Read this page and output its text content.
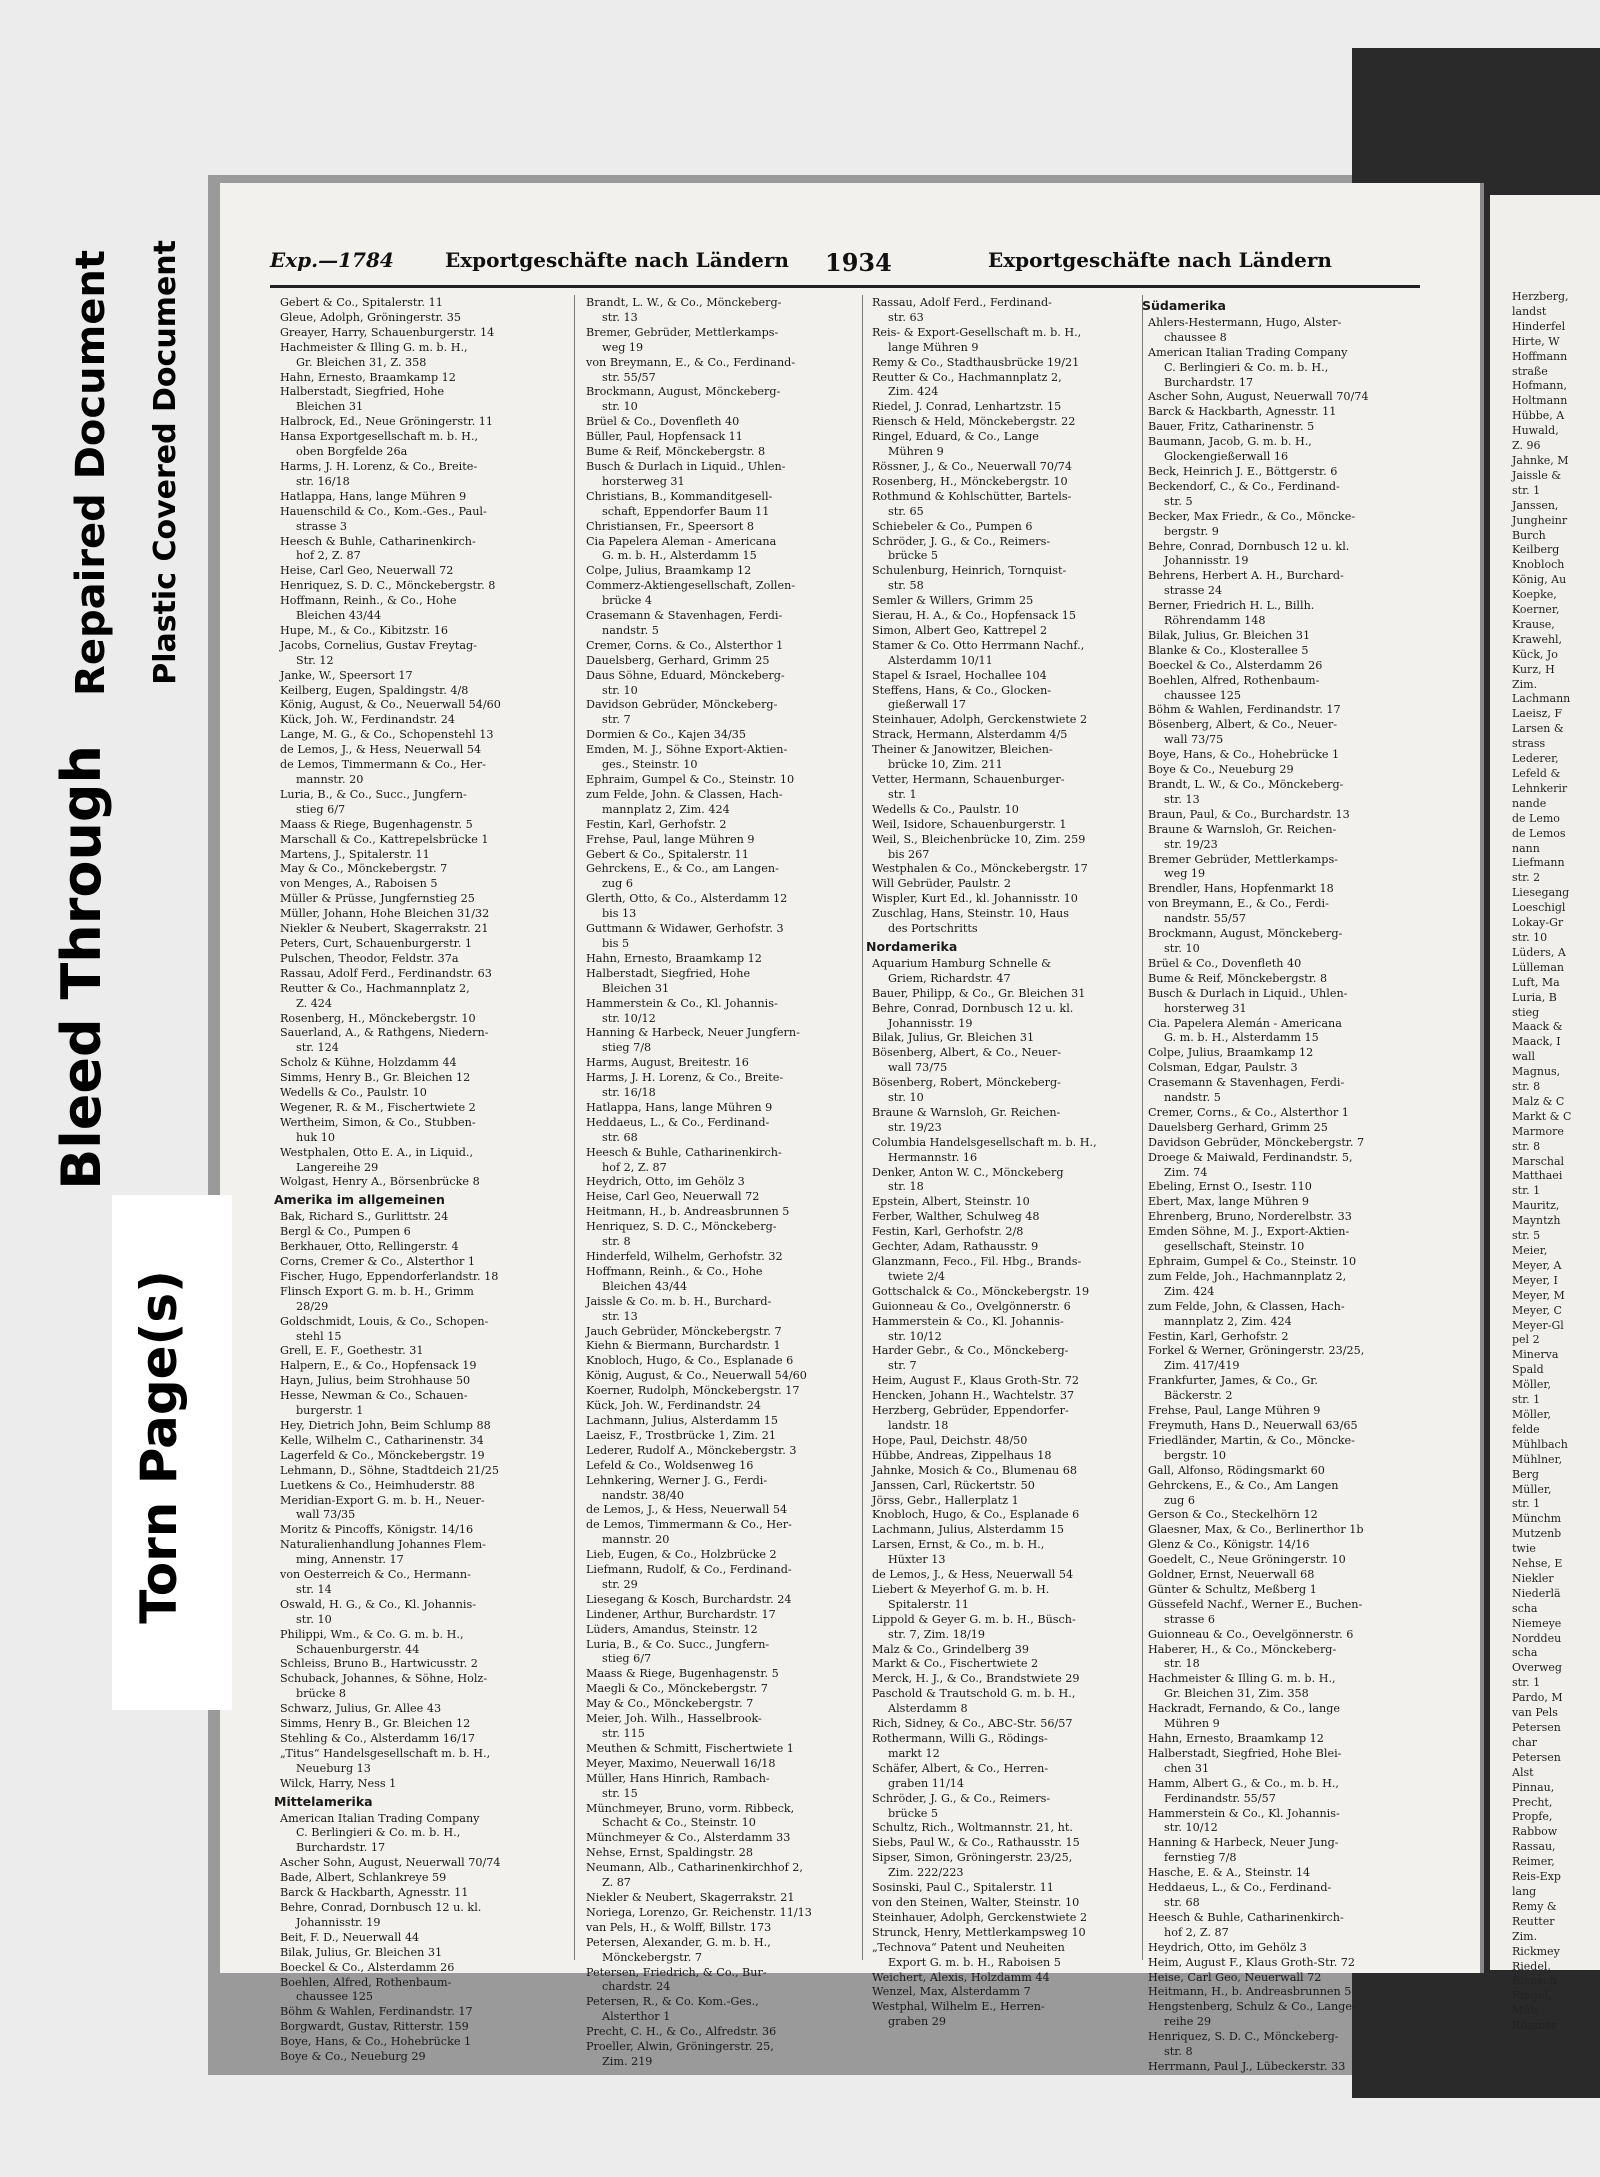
Herzberg,
landst
Hinderfel
Hirte, W
Hoffmann
straße
Hofmann,
Holtmann
Hübbe, A
Huwald,
Z. 96
Jahnke, M
Jaissle &
str. 1
Janssen,
Jungheinr
Burch
Keilberg
Knobloch
König, Au
Koepke,
Koerner,
Krause,
Krawehl,
Kück, Jo
Kurz, H
Zim.
Lachmann
Laeisz, F
Larsen &
strass
Lederer,
Lefeld &
Lehnkerir
nande
de Lemo
de Lemos
nann
Liefmann
str. 2
Liesegang
Loeschigl
Lokay-Gr
str. 10
Lüders, A
Lülleman
Luft, Ma
Luria, B
stieg
Maack &
Maack, I
wall
Magnus,
str. 8
Malz & C
Markt & C
Marmore
str. 8
Marschal
Matthaei
str. 1
Mauritz,
Mayntzh
str. 5
Meier,
Meyer, A
Meyer, I
Meyer, M
Meyer, C
Meyer-Gl
pel 2
Minerva
Spald
Möller,
str. 1
Möller,
felde
Mühlbach
Mühlner,
Berg
Müller,
str. 1
Münchm
Mutzenb
twie
Nehse, E
Niekler
Niederlä
scha
Niemeye
Norddeu
scha
Overweg
str. 1
Pardo, M
van Pels
Petersen
char
Petersen
Alst
Pinnau,
Precht,
Propfe,
Rabbow
Rassau,
Reimer,
Reis-Exp
lang
Remy &
Reutter
Zim.
Rickmey
Riedel,
Riensch
Ringel,
Müh
Rössner
Repaired Document Plastic Covered Document
Bleed Through
Torn Page(s)
Exp.—1784	Exportgeschäfte nach Ländern 1934	Exportgeschäfte nach Ländern
Gebert & Co., Spitalerstr. 11
Gleue, Adolph, Gröningerstr. 35
Greayer, Harry, Schauenburgerstr. 14
Hachmeister & Illing G. m. b. H.,
Gr. Bleichen 31, Z. 358
Hahn, Ernesto, Braamkamp 12
Halberstadt, Siegfried, Hohe
Bleichen 31
Halbrock, Ed., Neue Gröningerstr. 11
Hansa Exportgesellschaft m. b. H.,
oben Borgfelde 26a
Harms, J. H. Lorenz, & Co., Breite-
str. 16/18
Hatlappa, Hans, lange Mühren 9
Hauenschild & Co., Kom.-Ges., Paul-
strasse 3
Heesch & Buhle, Catharinenkirch-
hof 2, Z. 87
Heise, Carl Geo, Neuerwall 72
Henriquez, S. D. C., Mönckebergstr. 8
Hoffmann, Reinh., & Co., Hohe
Bleichen 43/44
Hupe, M., & Co., Kibitzstr. 16
Jacobs, Cornelius, Gustav Freytag-
Str. 12
Janke, W., Speersort 17
Keilberg, Eugen, Spaldingstr. 4/8
König, August, & Co., Neuerwall 54/60
Kück, Joh. W., Ferdinandstr. 24
Lange, M. G., & Co., Schopenstehl 13
de Lemos, J., & Hess, Neuerwall 54
de Lemos, Timmermann & Co., Her-
mannstr. 20
Luria, B., & Co., Succ., Jungfern-
stieg 6/7
Maass & Riege, Bugenhagenstr. 5
Marschall & Co., Kattrepelsbrücke 1
Martens, J., Spitalerstr. 11
May & Co., Mönckebergstr. 7
von Menges, A., Raboisen 5
Müller & Prüsse, Jungfernstieg 25
Müller, Johann, Hohe Bleichen 31/32
Niekler & Neubert, Skagerrakstr. 21
Peters, Curt, Schauenburgerstr. 1
Pulschen, Theodor, Feldstr. 37a
Rassau, Adolf Ferd., Ferdinandstr. 63
Reutter & Co., Hachmannplatz 2,
Z. 424
Rosenberg, H., Mönckebergstr. 10
Sauerland, A., & Rathgens, Niedern-
str. 124
Scholz & Kühne, Holzdamm 44
Simms, Henry B., Gr. Bleichen 12
Wedells & Co., Paulstr. 10
Wegener, R. & M., Fischertwiete 2
Wertheim, Simon, & Co., Stubben-
huk 10
Westphalen, Otto E. A., in Liquid.,
Langereihe 29
Wolgast, Henry A., Börsenbrücke 8
Amerika im allgemeinen
Bak, Richard S., Gurlittstr. 24
Bergl & Co., Pumpen 6
Berkhauer, Otto, Rellingerstr. 4
Corns, Cremer & Co., Alsterthor 1
Fischer, Hugo, Eppendorferlandstr. 18
Flinsch Export G. m. b. H., Grimm
28/29
Goldschmidt, Louis, & Co., Schopen-
stehl 15
Grell, E. F., Goethestr. 31
Halpern, E., & Co., Hopfensack 19
Hayn, Julius, beim Strohhause 50
Hesse, Newman & Co., Schauen-
burgerstr. 1
Hey, Dietrich John, Beim Schlump 88
Kelle, Wilhelm C., Catharinenstr. 34
Lagerfeld & Co., Mönckebergstr. 19
Lehmann, D., Söhne, Stadtdeich 21/25
Luetkens & Co., Heimhuderstr. 88
Meridian-Export G. m. b. H., Neuer-
wall 73/35
Moritz & Pincoffs, Königstr. 14/16
Naturalienhandlung Johannes Flem-
ming, Annenstr. 17
von Oesterreich & Co., Hermann-
str. 14
Oswald, H. G., & Co., Kl. Johannis-
str. 10
Philippi, Wm., & Co. G. m. b. H.,
Schauenburgerstr. 44
Schleiss, Bruno B., Hartwicusstr. 2
Schuback, Johannes, & Söhne, Holz-
brücke 8
Schwarz, Julius, Gr. Allee 43
Simms, Henry B., Gr. Bleichen 12
Stehling & Co., Alsterdamm 16/17
„Titus“ Handelsgesellschaft m. b. H.,
Neueburg 13
Wilck, Harry, Ness 1
Mittelamerika
American Italian Trading Company
C. Berlingieri & Co. m. b. H.,
Burchardstr. 17
Ascher Sohn, August, Neuerwall 70/74
Bade, Albert, Schlankreye 59
Barck & Hackbarth, Agnesstr. 11
Behre, Conrad, Dornbusch 12 u. kl.
Johannisstr. 19
Beit, F. D., Neuerwall 44
Bilak, Julius, Gr. Bleichen 31
Boeckel & Co., Alsterdamm 26
Boehlen, Alfred, Rothenbaum-
chaussee 125
Böhm & Wahlen, Ferdinandstr. 17
Borgwardt, Gustav, Ritterstr. 159
Boye, Hans, & Co., Hohebrücke 1
Boye & Co., Neueburg 29
Brandt, L. W., & Co., Mönckeberg-
str. 13
Bremer, Gebrüder, Mettlerkamps-
weg 19
von Breymann, E., & Co., Ferdinand-
str. 55/57
Brockmann, August, Mönckeberg-
str. 10
Brüel & Co., Dovenfleth 40
Büller, Paul, Hopfensack 11
Bume & Reif, Mönckebergstr. 8
Busch & Durlach in Liquid., Uhlen-
horsterweg 31
Christians, B., Kommanditgesell-
schaft, Eppendorfer Baum 11
Christiansen, Fr., Speersort 8
Cia Papelera Aleman - Americana
G. m. b. H., Alsterdamm 15
Colpe, Julius, Braamkamp 12
Commerz-Aktiengesellschaft, Zollen-
brücke 4
Crasemann & Stavenhagen, Ferdi-
nandstr. 5
Cremer, Corns. & Co., Alsterthor 1
Dauelsberg, Gerhard, Grimm 25
Daus Söhne, Eduard, Mönckeberg-
str. 10
Davidson Gebrüder, Mönckeberg-
str. 7
Dormien & Co., Kajen 34/35
Emden, M. J., Söhne Export-Aktien-
ges., Steinstr. 10
Ephraim, Gumpel & Co., Steinstr. 10
zum Felde, John. & Classen, Hach-
mannplatz 2, Zim. 424
Festin, Karl, Gerhofstr. 2
Frehse, Paul, lange Mühren 9
Gebert & Co., Spitalerstr. 11
Gehrckens, E., & Co., am Langen-
zug 6
Glerth, Otto, & Co., Alsterdamm 12
bis 13
Guttmann & Widawer, Gerhofstr. 3
bis 5
Hahn, Ernesto, Braamkamp 12
Halberstadt, Siegfried, Hohe
Bleichen 31
Hammerstein & Co., Kl. Johannis-
str. 10/12
Hanning & Harbeck, Neuer Jungfern-
stieg 7/8
Harms, August, Breitestr. 16
Harms, J. H. Lorenz, & Co., Breite-
str. 16/18
Hatlappa, Hans, lange Mühren 9
Heddaeus, L., & Co., Ferdinand-
str. 68
Heesch & Buhle, Catharinenkirch-
hof 2, Z. 87
Heydrich, Otto, im Gehölz 3
Heise, Carl Geo, Neuerwall 72
Heitmann, H., b. Andreasbrunnen 5
Henriquez, S. D. C., Mönckeberg-
str. 8
Hinderfeld, Wilhelm, Gerhofstr. 32
Hoffmann, Reinh., & Co., Hohe
Bleichen 43/44
Jaissle & Co. m. b. H., Burchard-
str. 13
Jauch Gebrüder, Mönckebergstr. 7
Kiehn & Biermann, Burchardstr. 1
Knobloch, Hugo, & Co., Esplanade 6
König, August, & Co., Neuerwall 54/60
Koerner, Rudolph, Mönckebergstr. 17
Kück, Joh. W., Ferdinandstr. 24
Lachmann, Julius, Alsterdamm 15
Laeisz, F., Trostbrücke 1, Zim. 21
Lederer, Rudolf A., Mönckebergstr. 3
Lefeld & Co., Woldsenweg 16
Lehnkering, Werner J. G., Ferdi-
nandstr. 38/40
de Lemos, J., & Hess, Neuerwall 54
de Lemos, Timmermann & Co., Her-
mannstr. 20
Lieb, Eugen, & Co., Holzbrücke 2
Liefmann, Rudolf, & Co., Ferdinand-
str. 29
Liesegang & Kosch, Burchardstr. 24
Lindener, Arthur, Burchardstr. 17
Lüders, Amandus, Steinstr. 12
Luria, B., & Co. Succ., Jungfern-
stieg 6/7
Maass & Riege, Bugenhagenstr. 5
Maegli & Co., Mönckebergstr. 7
May & Co., Mönckebergstr. 7
Meier, Joh. Wilh., Hasselbrook-
str. 115
Meuthen & Schmitt, Fischertwiete 1
Meyer, Maximo, Neuerwall 16/18
Müller, Hans Hinrich, Rambach-
str. 15
Münchmeyer, Bruno, vorm. Ribbeck,
Schacht & Co., Steinstr. 10
Münchmeyer & Co., Alsterdamm 33
Nehse, Ernst, Spaldingstr. 28
Neumann, Alb., Catharinenkirchhof 2,
Z. 87
Niekler & Neubert, Skagerrakstr. 21
Noriega, Lorenzo, Gr. Reichenstr. 11/13
van Pels, H., & Wolff, Billstr. 173
Petersen, Alexander, G. m. b. H.,
Mönckebergstr. 7
Petersen, Friedrich, & Co., Bur-
chardstr. 24
Petersen, R., & Co. Kom.-Ges.,
Alsterthor 1
Precht, C. H., & Co., Alfredstr. 36
Proeller, Alwin, Gröningerstr. 25,
Zim. 219
Rassau, Adolf Ferd., Ferdinand-
str. 63
Reis- & Export-Gesellschaft m. b. H.,
lange Mühren 9
Remy & Co., Stadthausbrücke 19/21
Reutter & Co., Hachmannplatz 2,
Zim. 424
Riedel, J. Conrad, Lenhartzstr. 15
Riensch & Held, Mönckebergstr. 22
Ringel, Eduard, & Co., Lange
Mühren 9
Rössner, J., & Co., Neuerwall 70/74
Rosenberg, H., Mönckebergstr. 10
Rothmund & Kohlschütter, Bartels-
str. 65
Schiebeler & Co., Pumpen 6
Schröder, J. G., & Co., Reimers-
brücke 5
Schulenburg, Heinrich, Tornquist-
str. 58
Semler & Willers, Grimm 25
Sierau, H. A., & Co., Hopfensack 15
Simon, Albert Geo, Kattrepel 2
Stamer & Co. Otto Herrmann Nachf.,
Alsterdamm 10/11
Stapel & Israel, Hochallee 104
Steffens, Hans, & Co., Glocken-
gießerwall 17
Steinhauer, Adolph, Gerckenstwiete 2
Strack, Hermann, Alsterdamm 4/5
Theiner & Janowitzer, Bleichen-
brücke 10, Zim. 211
Vetter, Hermann, Schauenburger-
str. 1
Wedells & Co., Paulstr. 10
Weil, Isidore, Schauenburgerstr. 1
Weil, S., Bleichenbrücke 10, Zim. 259
bis 267
Westphalen & Co., Mönckebergstr. 17
Will Gebrüder, Paulstr. 2
Wispler, Kurt Ed., kl. Johannisstr. 10
Zuschlag, Hans, Steinstr. 10, Haus
des Portschritts
Nordamerika
Aquarium Hamburg Schnelle &
Griem, Richardstr. 47
Bauer, Philipp, & Co., Gr. Bleichen 31
Behre, Conrad, Dornbusch 12 u. kl.
Johannisstr. 19
Bilak, Julius, Gr. Bleichen 31
Bösenberg, Albert, & Co., Neuer-
wall 73/75
Bösenberg, Robert, Mönckeberg-
str. 10
Braune & Warnsloh, Gr. Reichen-
str. 19/23
Columbia Handelsgesellschaft m. b. H.,
Hermannstr. 16
Denker, Anton W. C., Mönckeberg
str. 18
Epstein, Albert, Steinstr. 10
Ferber, Walther, Schulweg 48
Festin, Karl, Gerhofstr. 2/8
Gechter, Adam, Rathausstr. 9
Glanzmann, Feco., Fil. Hbg., Brands-
twiete 2/4
Gottschalck & Co., Mönckebergstr. 19
Guionneau & Co., Ovelgönnerstr. 6
Hammerstein & Co., Kl. Johannis-
str. 10/12
Harder Gebr., & Co., Mönckeberg-
str. 7
Heim, August F., Klaus Groth-Str. 72
Hencken, Johann H., Wachtelstr. 37
Herzberg, Gebrüder, Eppendorfer-
landstr. 18
Hope, Paul, Deichstr. 48/50
Hübbe, Andreas, Zippelhaus 18
Jahnke, Mosich & Co., Blumenau 68
Janssen, Carl, Rückertstr. 50
Jörss, Gebr., Hallerplatz 1
Knobloch, Hugo, & Co., Esplanade 6
Lachmann, Julius, Alsterdamm 15
Larsen, Ernst, & Co., m. b. H.,
Hüxter 13
de Lemos, J., & Hess, Neuerwall 54
Liebert & Meyerhof G. m. b. H.
Spitalerstr. 11
Lippold & Geyer G. m. b. H., Büsch-
str. 7, Zim. 18/19
Malz & Co., Grindelberg 39
Markt & Co., Fischertwiete 2
Merck, H. J., & Co., Brandstwiete 29
Paschold & Trautschold G. m. b. H.,
Alsterdamm 8
Rich, Sidney, & Co., ABC-Str. 56/57
Rothermann, Willi G., Rödings-
markt 12
Schäfer, Albert, & Co., Herren-
graben 11/14
Schröder, J. G., & Co., Reimers-
brücke 5
Schultz, Rich., Woltmannstr. 21, ht.
Siebs, Paul W., & Co., Rathausstr. 15
Sipser, Simon, Gröningerstr. 23/25,
Zim. 222/223
Sosinski, Paul C., Spitalerstr. 11
von den Steinen, Walter, Steinstr. 10
Steinhauer, Adolph, Gerckenstwiete 2
Strunck, Henry, Mettlerkampsweg 10
„Technova“ Patent und Neuheiten
Export G. m. b. H., Raboisen 5
Weichert, Alexis, Holzdamm 44
Wenzel, Max, Alsterdamm 7
Westphal, Wilhelm E., Herren-
graben 29
Südamerika
Ahlers-Hestermann, Hugo, Alster-
chaussee 8
American Italian Trading Company
C. Berlingieri & Co. m. b. H.,
Burchardstr. 17
Ascher Sohn, August, Neuerwall 70/74
Barck & Hackbarth, Agnesstr. 11
Bauer, Fritz, Catharinenstr. 5
Baumann, Jacob, G. m. b. H.,
Glockengießerwall 16
Beck, Heinrich J. E., Böttgerstr. 6
Beckendorf, C., & Co., Ferdinand-
str. 5
Becker, Max Friedr., & Co., Möncke-
bergstr. 9
Behre, Conrad, Dornbusch 12 u. kl.
Johannisstr. 19
Behrens, Herbert A. H., Burchard-
strasse 24
Berner, Friedrich H. L., Billh.
Röhrendamm 148
Bilak, Julius, Gr. Bleichen 31
Blanke & Co., Klosterallee 5
Boeckel & Co., Alsterdamm 26
Boehlen, Alfred, Rothenbaum-
chaussee 125
Böhm & Wahlen, Ferdinandstr. 17
Bösenberg, Albert, & Co., Neuer-
wall 73/75
Boye, Hans, & Co., Hohebrücke 1
Boye & Co., Neueburg 29
Brandt, L. W., & Co., Mönckeberg-
str. 13
Braun, Paul, & Co., Burchardstr. 13
Braune & Warnsloh, Gr. Reichen-
str. 19/23
Bremer Gebrüder, Mettlerkamps-
weg 19
Brendler, Hans, Hopfenmarkt 18
von Breymann, E., & Co., Ferdi-
nandstr. 55/57
Brockmann, August, Mönckeberg-
str. 10
Brüel & Co., Dovenfleth 40
Bume & Reif, Mönckebergstr. 8
Busch & Durlach in Liquid., Uhlen-
horsterweg 31
Cia. Papelera Alemán - Americana
G. m. b. H., Alsterdamm 15
Colpe, Julius, Braamkamp 12
Colsman, Edgar, Paulstr. 3
Crasemann & Stavenhagen, Ferdi-
nandstr. 5
Cremer, Corns., & Co., Alsterthor 1
Dauelsberg Gerhard, Grimm 25
Davidson Gebrüder, Mönckebergstr. 7
Droege & Maiwald, Ferdinandstr. 5,
Zim. 74
Ebeling, Ernst O., Isestr. 110
Ebert, Max, lange Mühren 9
Ehrenberg, Bruno, Norderelbstr. 33
Emden Söhne, M. J., Export-Aktien-
gesellschaft, Steinstr. 10
Ephraim, Gumpel & Co., Steinstr. 10
zum Felde, Joh., Hachmannplatz 2,
Zim. 424
zum Felde, John, & Classen, Hach-
mannplatz 2, Zim. 424
Festin, Karl, Gerhofstr. 2
Forkel & Werner, Gröningerstr. 23/25,
Zim. 417/419
Frankfurter, James, & Co., Gr.
Bäckerstr. 2
Frehse, Paul, Lange Mühren 9
Freymuth, Hans D., Neuerwall 63/65
Friedländer, Martin, & Co., Möncke-
bergstr. 10
Gall, Alfonso, Rödingsmarkt 60
Gehrckens, E., & Co., Am Langen
zug 6
Gerson & Co., Steckelhörn 12
Glaesner, Max, & Co., Berlinerthor 1b
Glenz & Co., Königstr. 14/16
Goedelt, C., Neue Gröningerstr. 10
Goldner, Ernst, Neuerwall 68
Günter & Schultz, Meßberg 1
Güssefeld Nachf., Werner E., Buchen-
strasse 6
Guionneau & Co., Oevelgönnerstr. 6
Haberer, H., & Co., Mönckeberg-
str. 18
Hachmeister & Illing G. m. b. H.,
Gr. Bleichen 31, Zim. 358
Hackradt, Fernando, & Co., lange
Mühren 9
Hahn, Ernesto, Braamkamp 12
Halberstadt, Siegfried, Hohe Blei-
chen 31
Hamm, Albert G., & Co., m. b. H.,
Ferdinandstr. 55/57
Hammerstein & Co., Kl. Johannis-
str. 10/12
Hanning & Harbeck, Neuer Jung-
fernstieg 7/8
Hasche, E. & A., Steinstr. 14
Heddaeus, L., & Co., Ferdinand-
str. 68
Heesch & Buhle, Catharinenkirch-
hof 2, Z. 87
Heydrich, Otto, im Gehölz 3
Heim, August F., Klaus Groth-Str. 72
Heise, Carl Geo, Neuerwall 72
Heitmann, H., b. Andreasbrunnen 5
Hengstenberg, Schulz & Co., Lange-
reihe 29
Henriquez, S. D. C., Mönckeberg-
str. 8
Herrmann, Paul J., Lübeckerstr. 33
